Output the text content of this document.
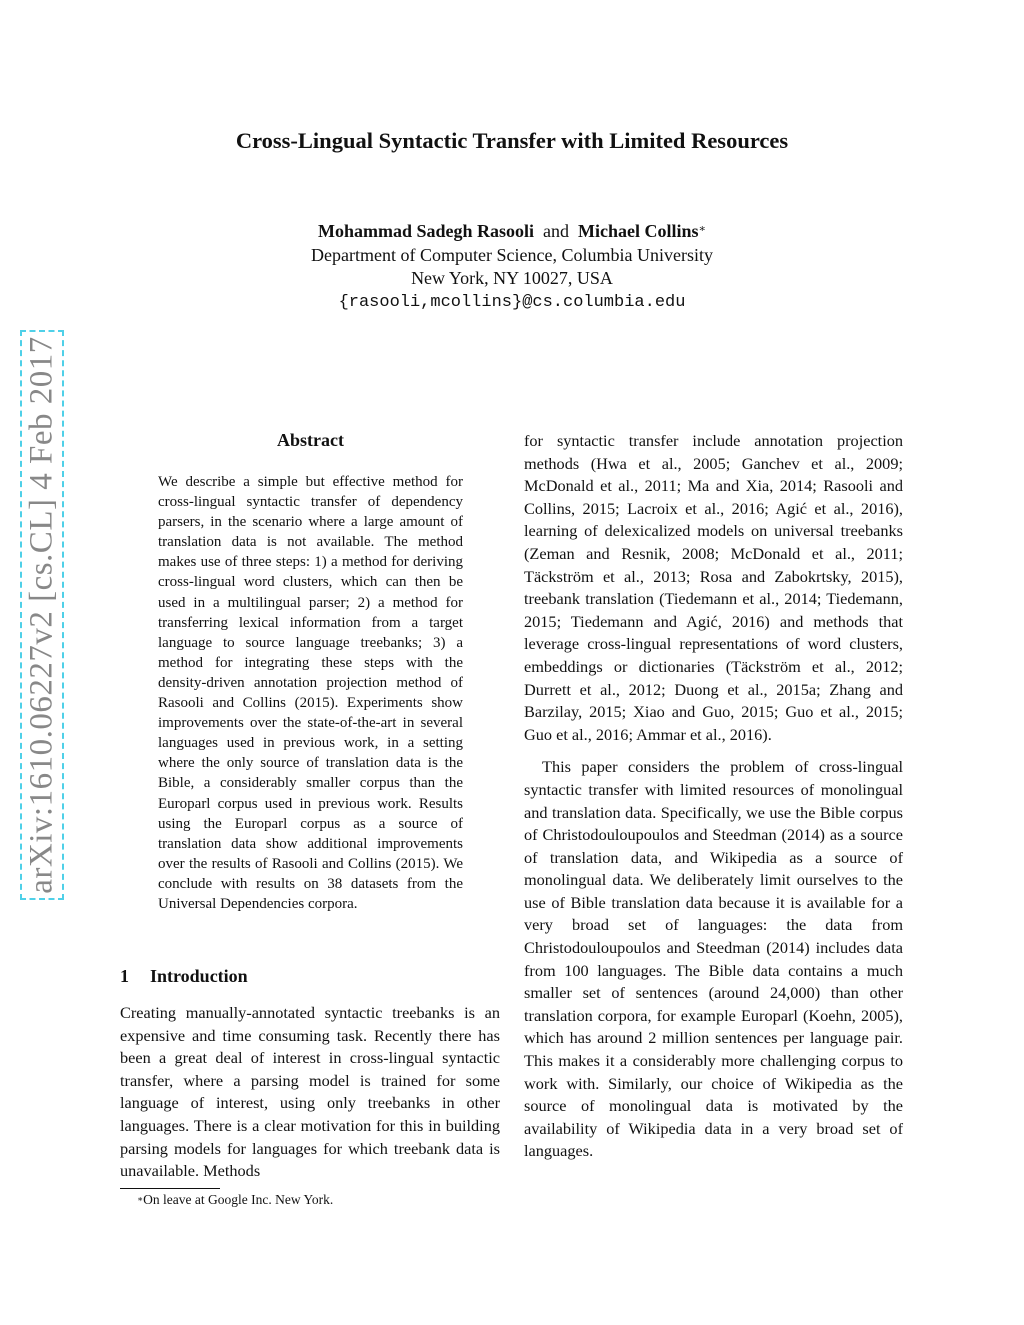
arXiv:1610.06227v2 [cs.CL] 4 Feb 2017
Cross-Lingual Syntactic Transfer with Limited Resources
Mohammad Sadegh Rasooli and Michael Collins∗
Department of Computer Science, Columbia University
New York, NY 10027, USA
{rasooli,mcollins}@cs.columbia.edu
Abstract
We describe a simple but effective method for cross-lingual syntactic transfer of dependency parsers, in the scenario where a large amount of translation data is not available. The method makes use of three steps: 1) a method for deriving cross-lingual word clusters, which can then be used in a multilingual parser; 2) a method for transferring lexical information from a target language to source language treebanks; 3) a method for integrating these steps with the density-driven annotation projection method of Rasooli and Collins (2015). Experiments show improvements over the state-of-the-art in several languages used in previous work, in a setting where the only source of translation data is the Bible, a considerably smaller corpus than the Europarl corpus used in previous work. Results using the Europarl corpus as a source of translation data show additional improvements over the results of Rasooli and Collins (2015). We conclude with results on 38 datasets from the Universal Dependencies corpora.
1 Introduction
Creating manually-annotated syntactic treebanks is an expensive and time consuming task. Recently there has been a great deal of interest in cross-lingual syntactic transfer, where a parsing model is trained for some language of interest, using only treebanks in other languages. There is a clear motivation for this in building parsing models for languages for which treebank data is unavailable. Methods
∗On leave at Google Inc. New York.

for syntactic transfer include annotation projection methods (Hwa et al., 2005; Ganchev et al., 2009; McDonald et al., 2011; Ma and Xia, 2014; Rasooli and Collins, 2015; Lacroix et al., 2016; Agić et al., 2016), learning of delexicalized models on universal treebanks (Zeman and Resnik, 2008; McDonald et al., 2011; Täckström et al., 2013; Rosa and Zabokrtsky, 2015), treebank translation (Tiedemann et al., 2014; Tiedemann, 2015; Tiedemann and Agić, 2016) and methods that leverage cross-lingual representations of word clusters, embeddings or dictionaries (Täckström et al., 2012; Durrett et al., 2012; Duong et al., 2015a; Zhang and Barzilay, 2015; Xiao and Guo, 2015; Guo et al., 2015; Guo et al., 2016; Ammar et al., 2016).

This paper considers the problem of cross-lingual syntactic transfer with limited resources of monolingual and translation data. Specifically, we use the Bible corpus of Christodouloupoulos and Steedman (2014) as a source of translation data, and Wikipedia as a source of monolingual data. We deliberately limit ourselves to the use of Bible translation data because it is available for a very broad set of languages: the data from Christodouloupoulos and Steedman (2014) includes data from 100 languages. The Bible data contains a much smaller set of sentences (around 24,000) than other translation corpora, for example Europarl (Koehn, 2005), which has around 2 million sentences per language pair. This makes it a considerably more challenging corpus to work with. Similarly, our choice of Wikipedia as the source of monolingual data is motivated by the availability of Wikipedia data in a very broad set of languages.
